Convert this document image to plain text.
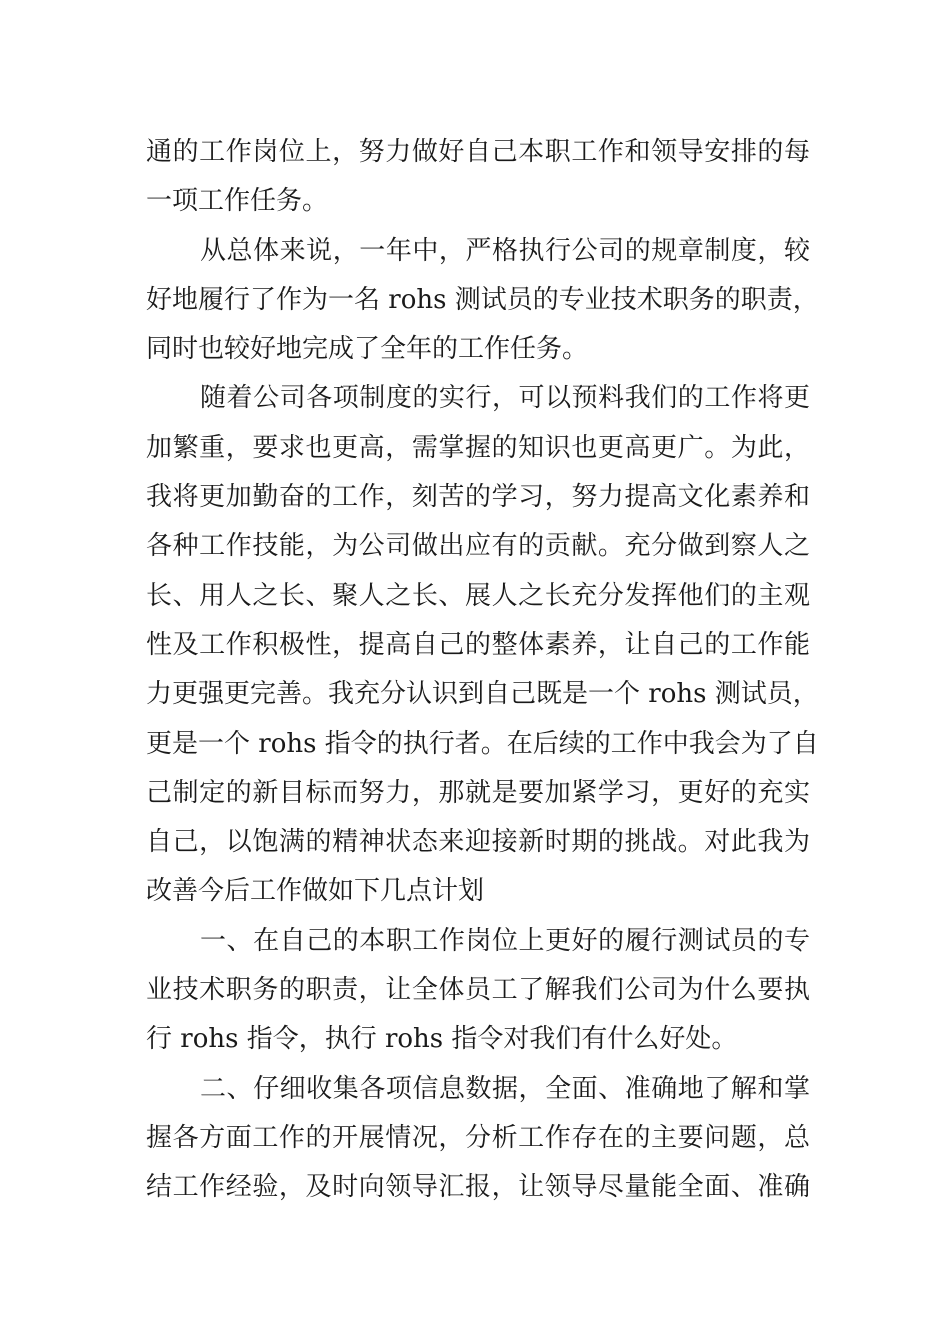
通的工作岗位上，努力做好自己本职工作和领导安排的每
一项工作任务。
从总体来说，一年中，严格执行公司的规章制度，较
好地履行了作为一名 rohs 测试员的专业技术职务的职责，
同时也较好地完成了全年的工作任务。
随着公司各项制度的实行，可以预料我们的工作将更
加繁重，要求也更高，需掌握的知识也更高更广。为此，
我将更加勤奋的工作，刻苦的学习，努力提高文化素养和
各种工作技能，为公司做出应有的贡献。充分做到察人之
长、用人之长、聚人之长、展人之长充分发挥他们的主观
性及工作积极性，提高自己的整体素养，让自己的工作能
力更强更完善。我充分认识到自己既是一个 rohs 测试员，
更是一个 rohs 指令的执行者。在后续的工作中我会为了自
己制定的新目标而努力，那就是要加紧学习，更好的充实
自己，以饱满的精神状态来迎接新时期的挑战。对此我为
改善今后工作做如下几点计划
一、在自己的本职工作岗位上更好的履行测试员的专
业技术职务的职责，让全体员工了解我们公司为什么要执
行 rohs 指令，执行 rohs 指令对我们有什么好处。
二、仔细收集各项信息数据，全面、准确地了解和掌
握各方面工作的开展情况，分析工作存在的主要问题，总
结工作经验，及时向领导汇报，让领导尽量能全面、准确
